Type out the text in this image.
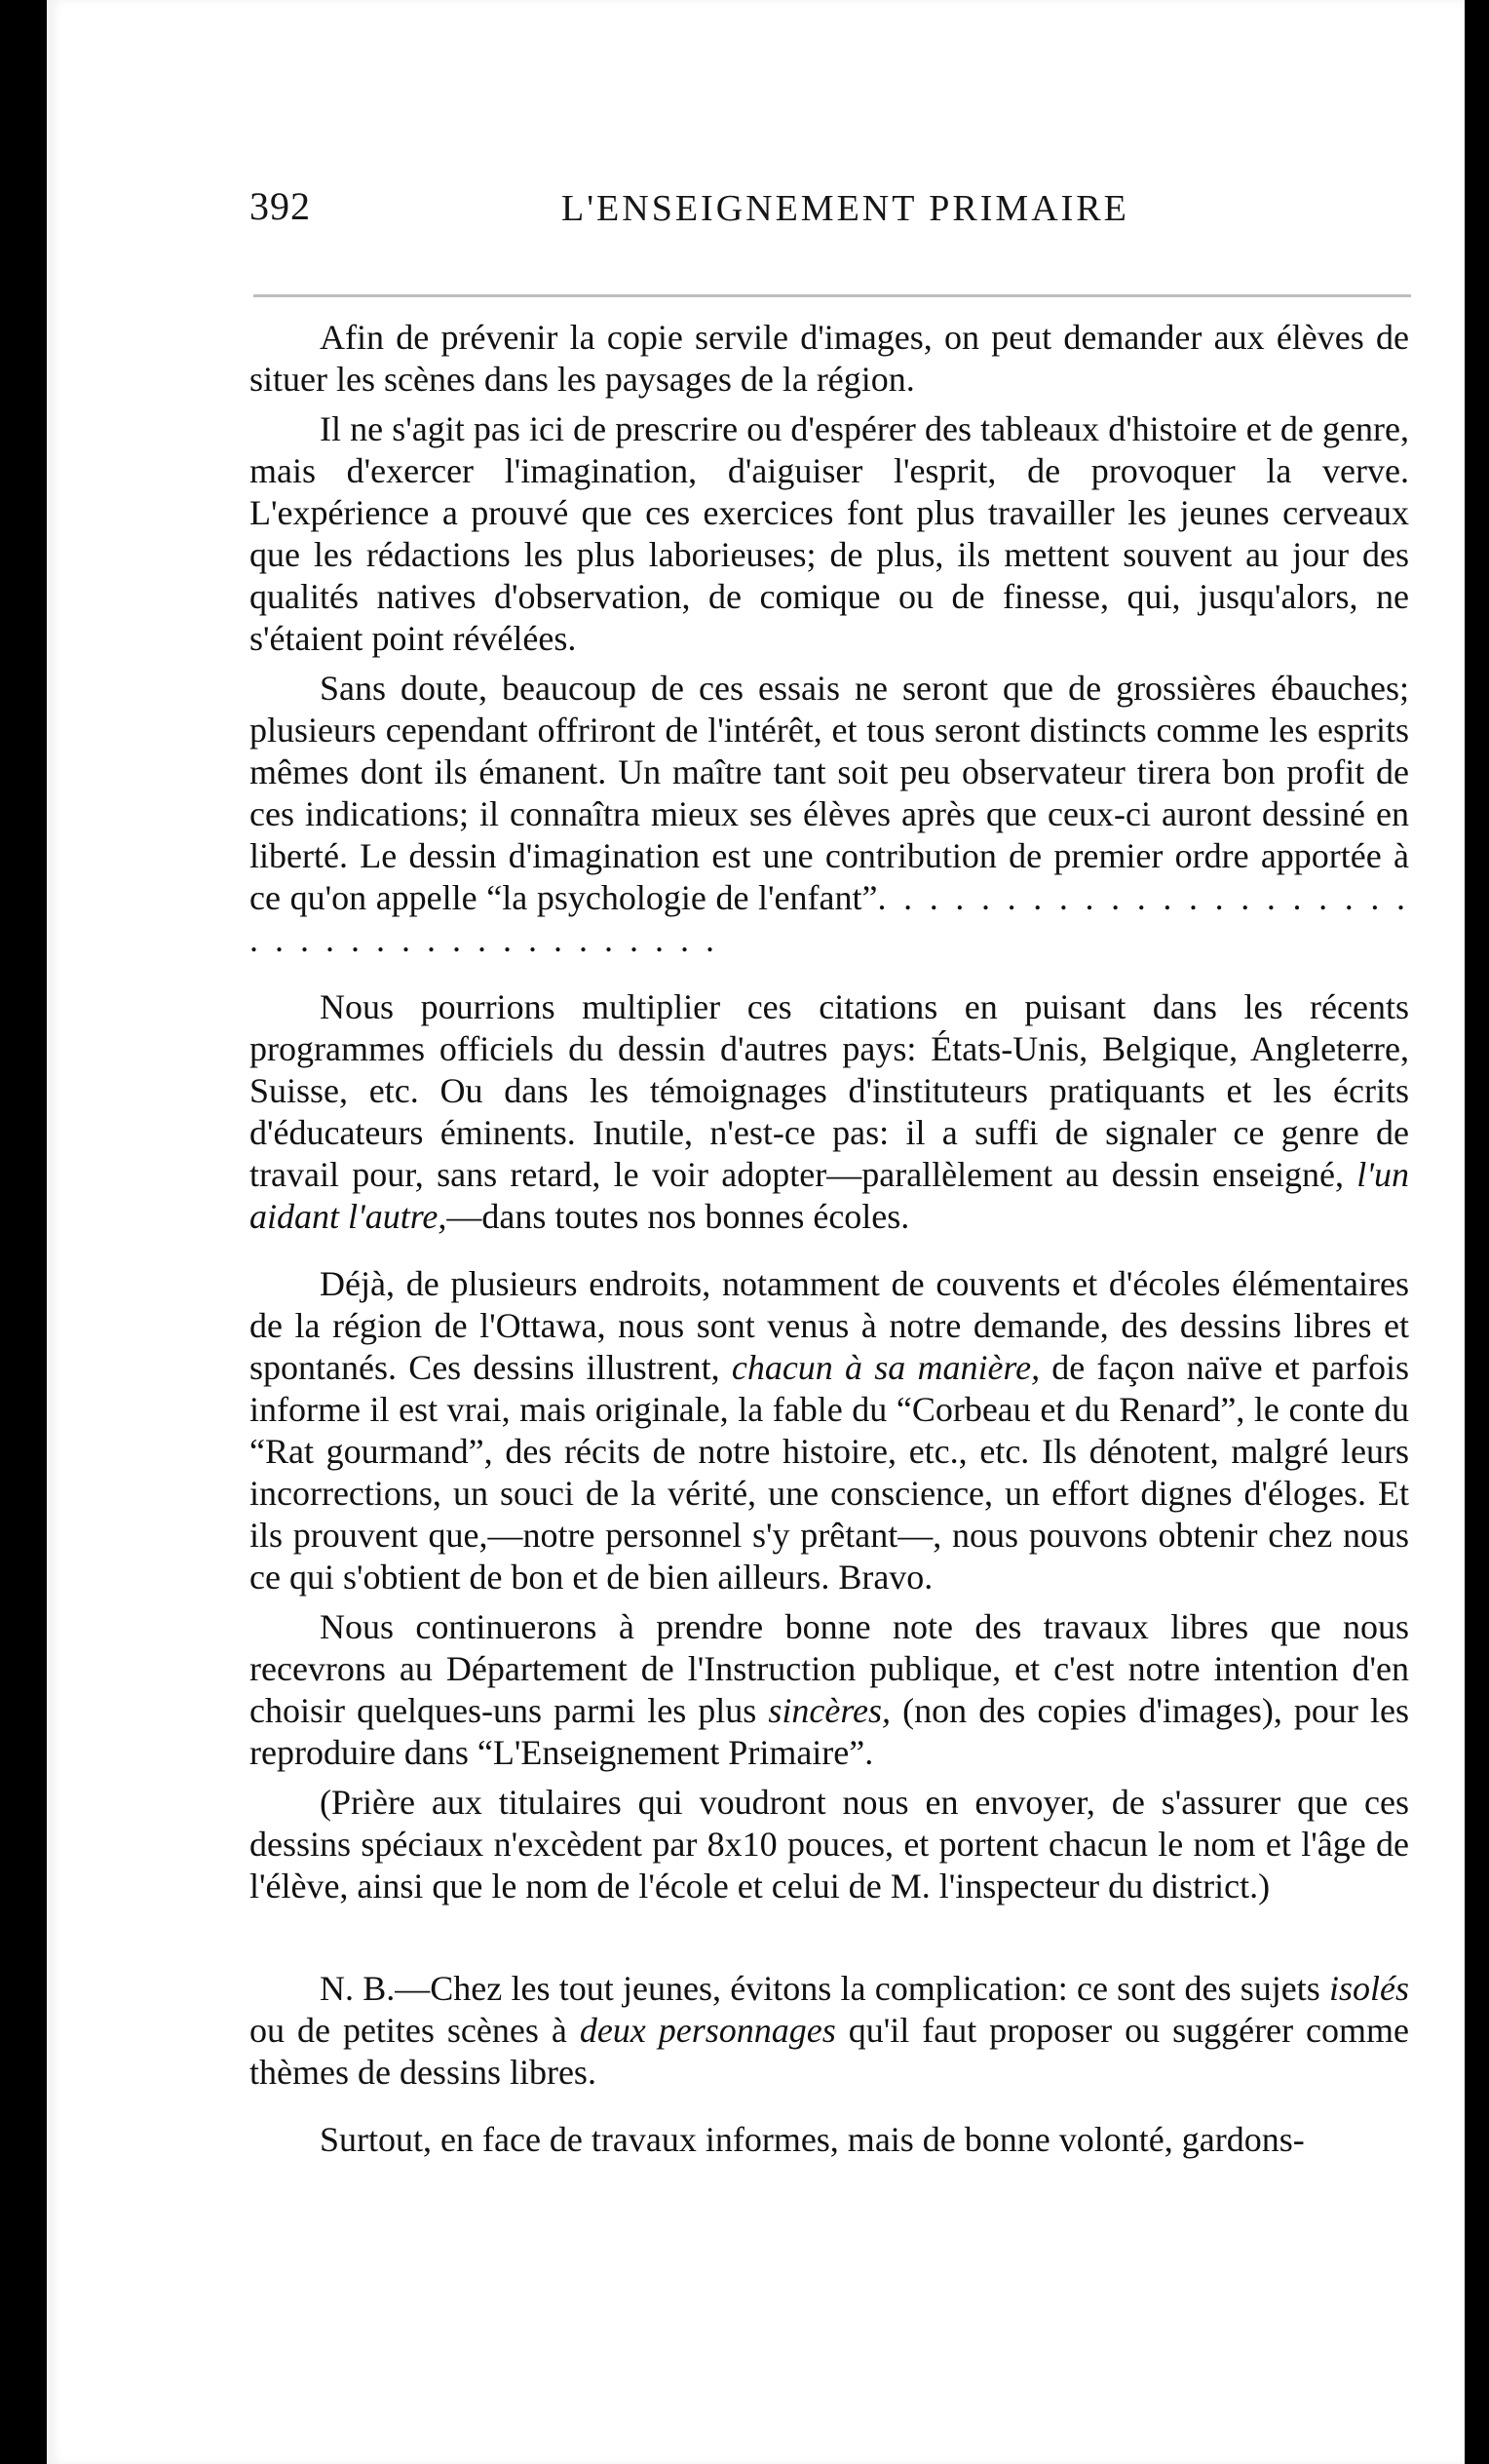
392	L'ENSEIGNEMENT PRIMAIRE

Afin de prévenir la copie servile d'images, on peut demander aux élèves de situer les scènes dans les paysages de la région.

Il ne s'agit pas ici de prescrire ou d'espérer des tableaux d'histoire et de genre, mais d'exercer l'imagination, d'aiguiser l'esprit, de provoquer la verve. L'expérience a prouvé que ces exercices font plus travailler les jeunes cerveaux que les rédactions les plus laborieuses; de plus, ils mettent souvent au jour des qualités natives d'observation, de comique ou de finesse, qui, jusqu'alors, ne s'étaient point révélées.

Sans doute, beaucoup de ces essais ne seront que de grossières ébauches; plusieurs cependant offriront de l'intérêt, et tous seront distincts comme les esprits mêmes dont ils émanent. Un maître tant soit peu observateur tirera bon profit de ces indications; il connaîtra mieux ses élèves après que ceux-ci auront dessiné en liberté. Le dessin d'imagination est une contribution de premier ordre apportée à ce qu'on appelle “la psychologie de l'enfant”. . . . . . . . . . . . . . . . . . . . . . . . . . . . . . . . . . . . . . . .

Nous pourrions multiplier ces citations en puisant dans les récents programmes officiels du dessin d'autres pays: États-Unis, Belgique, Angleterre, Suisse, etc. Ou dans les témoignages d'instituteurs pratiquants et les écrits d'éducateurs éminents. Inutile, n'est-ce pas: il a suffi de signaler ce genre de travail pour, sans retard, le voir adopter—parallèlement au dessin enseigné, l'un aidant l'autre,—dans toutes nos bonnes écoles.

Déjà, de plusieurs endroits, notamment de couvents et d'écoles élémentaires de la région de l'Ottawa, nous sont venus à notre demande, des dessins libres et spontanés. Ces dessins illustrent, chacun à sa manière, de façon naïve et parfois informe il est vrai, mais originale, la fable du “Corbeau et du Renard”, le conte du “Rat gourmand”, des récits de notre histoire, etc., etc. Ils dénotent, malgré leurs incorrections, un souci de la vérité, une conscience, un effort dignes d'éloges. Et ils prouvent que,—notre personnel s'y prêtant—, nous pouvons obtenir chez nous ce qui s'obtient de bon et de bien ailleurs. Bravo.

Nous continuerons à prendre bonne note des travaux libres que nous recevrons au Département de l'Instruction publique, et c'est notre intention d'en choisir quelques-uns parmi les plus sincères, (non des copies d'images), pour les reproduire dans “L'Enseignement Primaire”.

(Prière aux titulaires qui voudront nous en envoyer, de s'assurer que ces dessins spéciaux n'excèdent par 8x10 pouces, et portent chacun le nom et l'âge de l'élève, ainsi que le nom de l'école et celui de M. l'inspecteur du district.)

N. B.—Chez les tout jeunes, évitons la complication: ce sont des sujets isolés ou de petites scènes à deux personnages qu'il faut proposer ou suggérer comme thèmes de dessins libres.

Surtout, en face de travaux informes, mais de bonne volonté, gardons-
